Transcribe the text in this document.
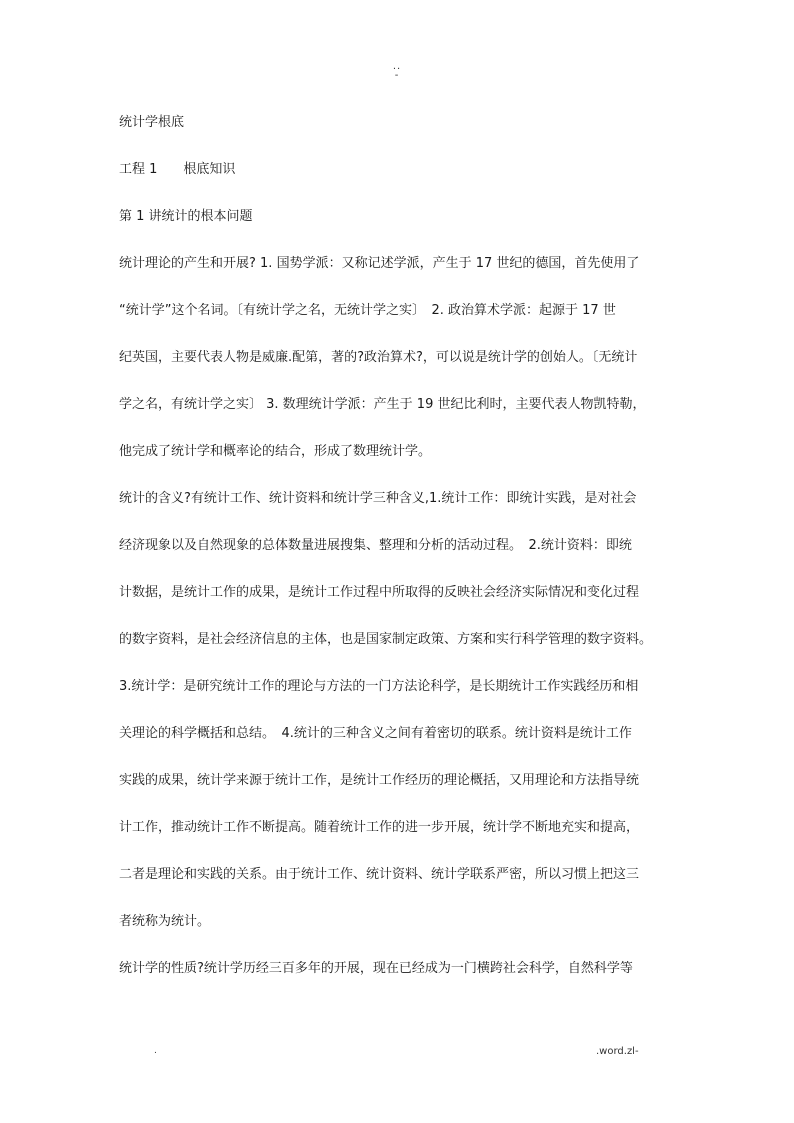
..
-
统计学根底
工程 1　　根底知识
第 1 讲统计的根本问题
统计理论的产生和开展? 1. 国势学派：又称记述学派，产生于 17 世纪的德国，首先使用了
“统计学”这个名词。〔有统计学之名，无统计学之实〕　2. 政治算术学派：起源于 17 世
纪英国，主要代表人物是威廉.配第，著的?政治算术?，可以说是统计学的创始人。〔无统计
学之名，有统计学之实〕 3. 数理统计学派：产生于 19 世纪比利时，主要代表人物凯特勒，
他完成了统计学和概率论的结合，形成了数理统计学。
统计的含义?有统计工作、统计资料和统计学三种含义,1.统计工作：即统计实践，是对社会
经济现象以及自然现象的总体数量进展搜集、整理和分析的活动过程。　2.统计资料：即统
计数据，是统计工作的成果，是统计工作过程中所取得的反映社会经济实际情况和变化过程
的数字资料，是社会经济信息的主体，也是国家制定政策、方案和实行科学管理的数字资料。
3.统计学：是研究统计工作的理论与方法的一门方法论科学，是长期统计工作实践经历和相
关理论的科学概括和总结。　4.统计的三种含义之间有着密切的联系。统计资料是统计工作
实践的成果，统计学来源于统计工作，是统计工作经历的理论概括，又用理论和方法指导统
计工作，推动统计工作不断提高。随着统计工作的进一步开展，统计学不断地充实和提高，
二者是理论和实践的关系。由于统计工作、统计资料、统计学联系严密，所以习惯上把这三
者统称为统计。
统计学的性质?统计学历经三百多年的开展，现在已经成为一门横跨社会科学，自然科学等
.	.word.zl-
